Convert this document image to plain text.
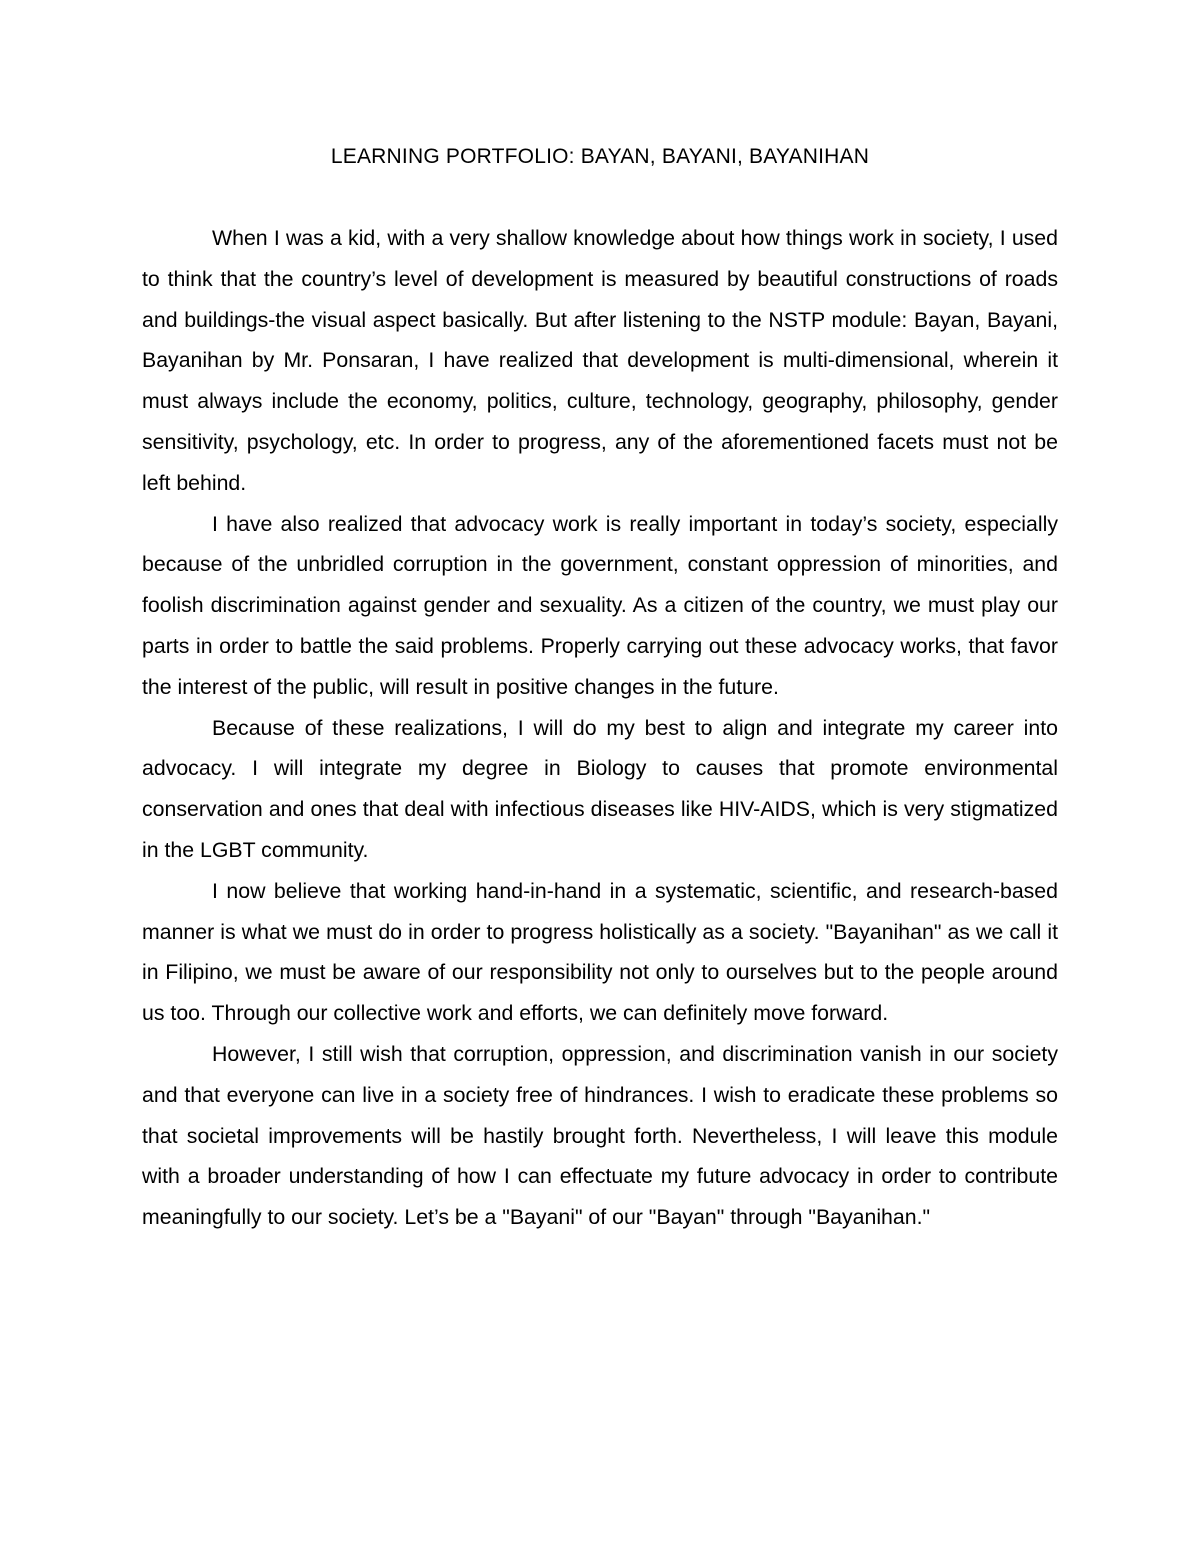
LEARNING PORTFOLIO: BAYAN, BAYANI, BAYANIHAN

When I was a kid, with a very shallow knowledge about how things work in society, I used to think that the country’s level of development is measured by beautiful constructions of roads and buildings-the visual aspect basically. But after listening to the NSTP module: Bayan, Bayani, Bayanihan by Mr. Ponsaran, I have realized that development is multi-dimensional, wherein it must always include the economy, politics, culture, technology, geography, philosophy, gender sensitivity, psychology, etc. In order to progress, any of the aforementioned facets must not be left behind.

I have also realized that advocacy work is really important in today’s society, especially because of the unbridled corruption in the government, constant oppression of minorities, and foolish discrimination against gender and sexuality. As a citizen of the country, we must play our parts in order to battle the said problems. Properly carrying out these advocacy works, that favor the interest of the public, will result in positive changes in the future.

Because of these realizations, I will do my best to align and integrate my career into advocacy. I will integrate my degree in Biology to causes that promote environmental conservation and ones that deal with infectious diseases like HIV-AIDS, which is very stigmatized in the LGBT community.

I now believe that working hand-in-hand in a systematic, scientific, and research-based manner is what we must do in order to progress holistically as a society. "Bayanihan" as we call it in Filipino, we must be aware of our responsibility not only to ourselves but to the people around us too. Through our collective work and efforts, we can definitely move forward.

However, I still wish that corruption, oppression, and discrimination vanish in our society and that everyone can live in a society free of hindrances. I wish to eradicate these problems so that societal improvements will be hastily brought forth. Nevertheless, I will leave this module with a broader understanding of how I can effectuate my future advocacy in order to contribute meaningfully to our society. Let’s be a "Bayani" of our "Bayan" through "Bayanihan."
